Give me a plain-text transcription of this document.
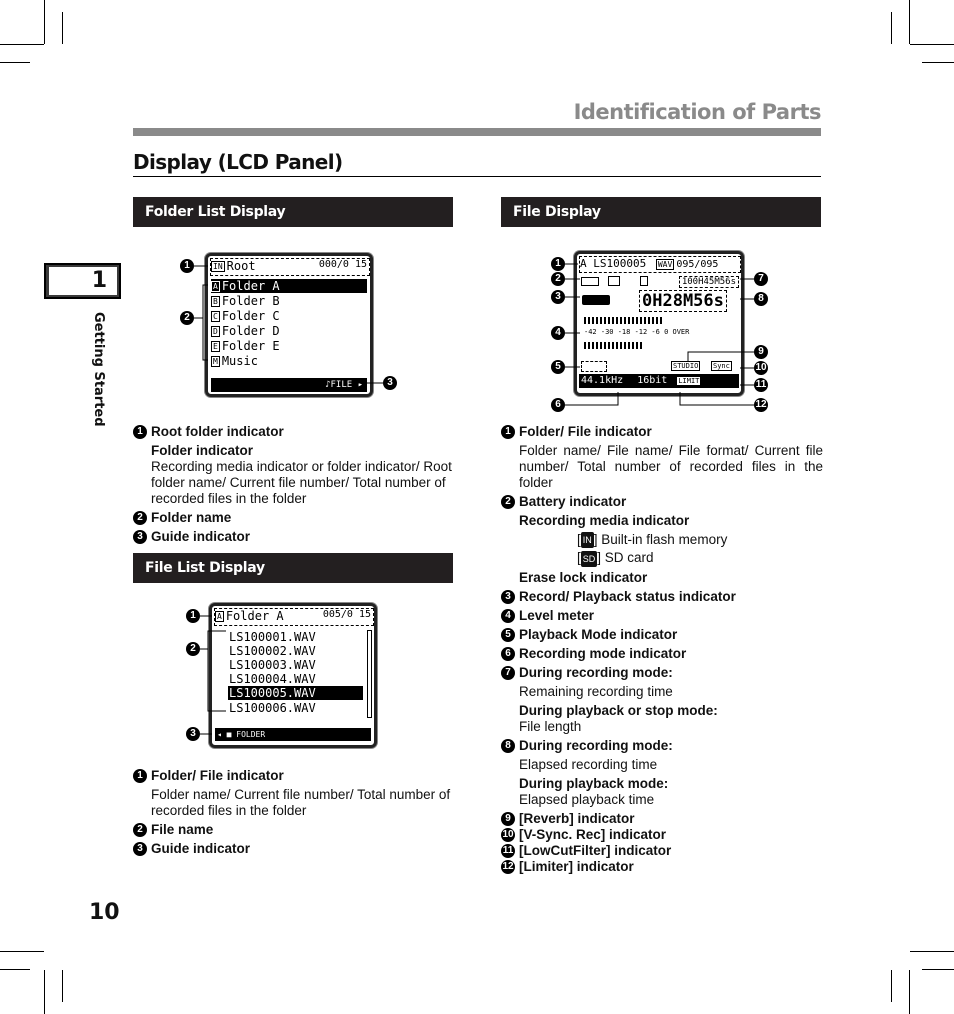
Identification of Parts
Display (LCD Panel)
1
Getting Started
10
Folder List Display
IN Root	000/0 15
A Folder A
B Folder B
C Folder C
D Folder D
E Folder E
M Music
♪FILE ▸
1
2
3
1 Root folder indicator
Folder indicator
Recording media indicator or folder indicator/ Root folder name/ Current file number/ Total number of recorded files in the folder
2 Folder name
3 Guide indicator
File List Display
A Folder A	005/0 15
LS100001.WAV
LS100002.WAV
LS100003.WAV
LS100004.WAV
LS100005.WAV
LS100006.WAV
◂ ■ FOLDER
1
2
3
1 Folder/ File indicator
Folder name/ Current file number/ Total number of recorded files in the folder
2 File name
3 Guide indicator
File Display
A LS100005 WAV 095/095

100H45M56s
0H28M56s
-42 -30 -18 -12 -6 0 OVER
STUDIO Sync
44.1kHz 16bit LIMIT
1
2
3
4
5
6
7
8
9
10
11
12
1 Folder/ File indicator
Folder name/ File name/ File format/ Current file number/ Total number of recorded files in the folder
2 Battery indicator
Recording media indicator
[ IN ] Built-in flash memory
[ SD ] SD card
Erase lock indicator
3 Record/ Playback status indicator
4 Level meter
5 Playback Mode indicator
6 Recording mode indicator
7 During recording mode:
Remaining recording time
During playback or stop mode:
File length
8 During recording mode:
Elapsed recording time
During playback mode:
Elapsed playback time
9 [Reverb] indicator
10 [V-Sync. Rec] indicator
11 [LowCutFilter] indicator
12 [Limiter] indicator
